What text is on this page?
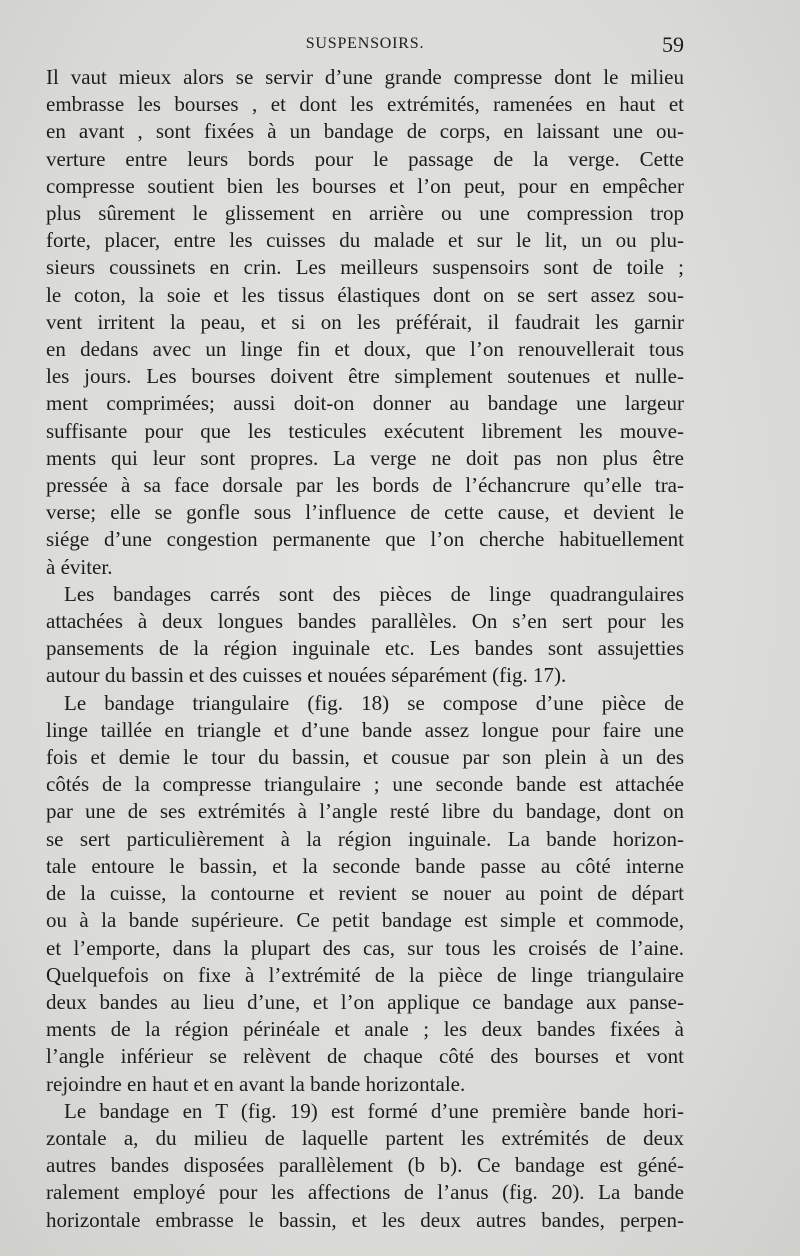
SUSPENSOIRS.	59
Il vaut mieux alors se servir d’une grande compresse dont le milieu
embrasse les bourses , et dont les extrémités, ramenées en haut et
en avant , sont fixées à un bandage de corps, en laissant une ou-
verture entre leurs bords pour le passage de la verge. Cette
compresse soutient bien les bourses et l’on peut, pour en empêcher
plus sûrement le glissement en arrière ou une compression trop
forte, placer, entre les cuisses du malade et sur le lit, un ou plu-
sieurs coussinets en crin. Les meilleurs suspensoirs sont de toile ;
le coton, la soie et les tissus élastiques dont on se sert assez sou-
vent irritent la peau, et si on les préférait, il faudrait les garnir
en dedans avec un linge fin et doux, que l’on renouvellerait tous
les jours. Les bourses doivent être simplement soutenues et nulle-
ment comprimées; aussi doit-on donner au bandage une largeur
suffisante pour que les testicules exécutent librement les mouve-
ments qui leur sont propres. La verge ne doit pas non plus être
pressée à sa face dorsale par les bords de l’échancrure qu’elle tra-
verse; elle se gonfle sous l’influence de cette cause, et devient le
siége d’une congestion permanente que l’on cherche habituellement
à éviter.
Les bandages carrés sont des pièces de linge quadrangulaires
attachées à deux longues bandes parallèles. On s’en sert pour les
pansements de la région inguinale etc. Les bandes sont assujetties
autour du bassin et des cuisses et nouées séparément (fig. 17).
Le bandage triangulaire (fig. 18) se compose d’une pièce de
linge taillée en triangle et d’une bande assez longue pour faire une
fois et demie le tour du bassin, et cousue par son plein à un des
côtés de la compresse triangulaire ; une seconde bande est attachée
par une de ses extrémités à l’angle resté libre du bandage, dont on
se sert particulièrement à la région inguinale. La bande horizon-
tale entoure le bassin, et la seconde bande passe au côté interne
de la cuisse, la contourne et revient se nouer au point de départ
ou à la bande supérieure. Ce petit bandage est simple et commode,
et l’emporte, dans la plupart des cas, sur tous les croisés de l’aine.
Quelquefois on fixe à l’extrémité de la pièce de linge triangulaire
deux bandes au lieu d’une, et l’on applique ce bandage aux panse-
ments de la région périnéale et anale ; les deux bandes fixées à
l’angle inférieur se relèvent de chaque côté des bourses et vont
rejoindre en haut et en avant la bande horizontale.
Le bandage en T (fig. 19) est formé d’une première bande hori-
zontale a, du milieu de laquelle partent les extrémités de deux
autres bandes disposées parallèlement (b b). Ce bandage est géné-
ralement employé pour les affections de l’anus (fig. 20). La bande
horizontale embrasse le bassin, et les deux autres bandes, perpen-
